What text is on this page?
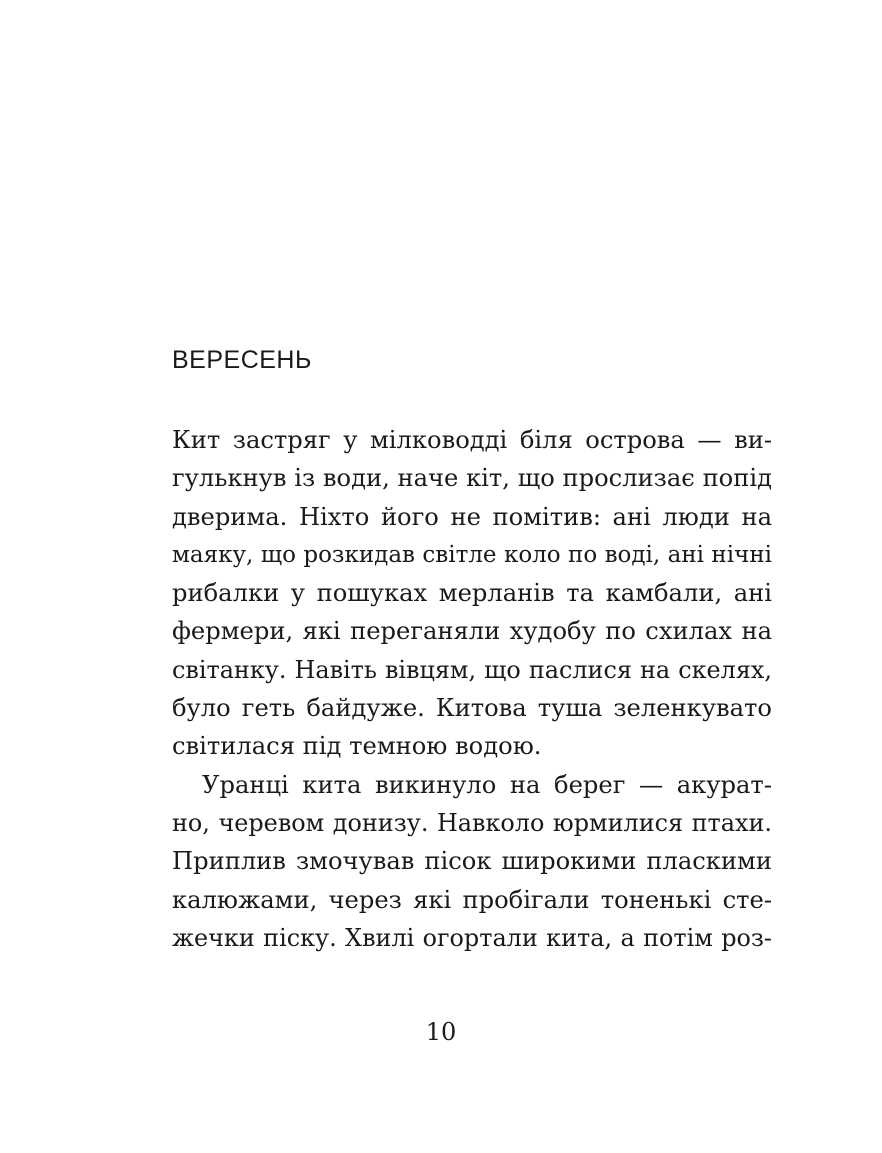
ВЕРЕСЕНЬ
Кит застряг у мілководді біля острова — ви-
гулькнув із води, наче кіт, що прослизає попід
дверима. Ніхто його не помітив: ані люди на
маяку, що розкидав світле коло по воді, ані нічні
рибалки у пошуках мерланів та камбали, ані
фермери, які переганяли худобу по схилах на
світанку. Навіть вівцям, що паслися на скелях,
було геть байдуже. Китова туша зеленкувато
світилася під темною водою.
Уранці кита викинуло на берег — акурат-
но, черевом донизу. Навколо юрмилися птахи.
Приплив змочував пісок широкими пласкими
калюжами, через які пробігали тоненькі сте-
жечки піску. Хвилі огортали кита, а потім роз-
10
